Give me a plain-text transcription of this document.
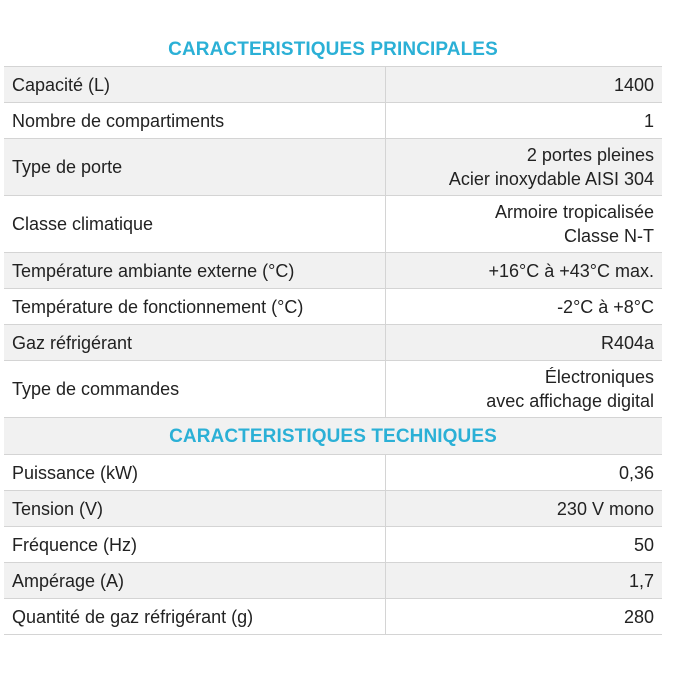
CARACTERISTIQUES PRINCIPALES
Capacité (L)	1400

Nombre de compartiments	1

Type de porte	2 portes pleines
Acier inoxydable AISI 304

Classe climatique	Armoire tropicalisée
Classe N-T

Température ambiante externe (°C)	+16°C à +43°C max.

Température de fonctionnement (°C)	-2°C à +8°C

Gaz réfrigérant	R404a

Type de commandes	Électroniques
avec affichage digital
CARACTERISTIQUES TECHNIQUES
Puissance (kW)	0,36

Tension (V)	230 V mono

Fréquence (Hz)	50

Ampérage (A)	1,7

Quantité de gaz réfrigérant (g)	280
